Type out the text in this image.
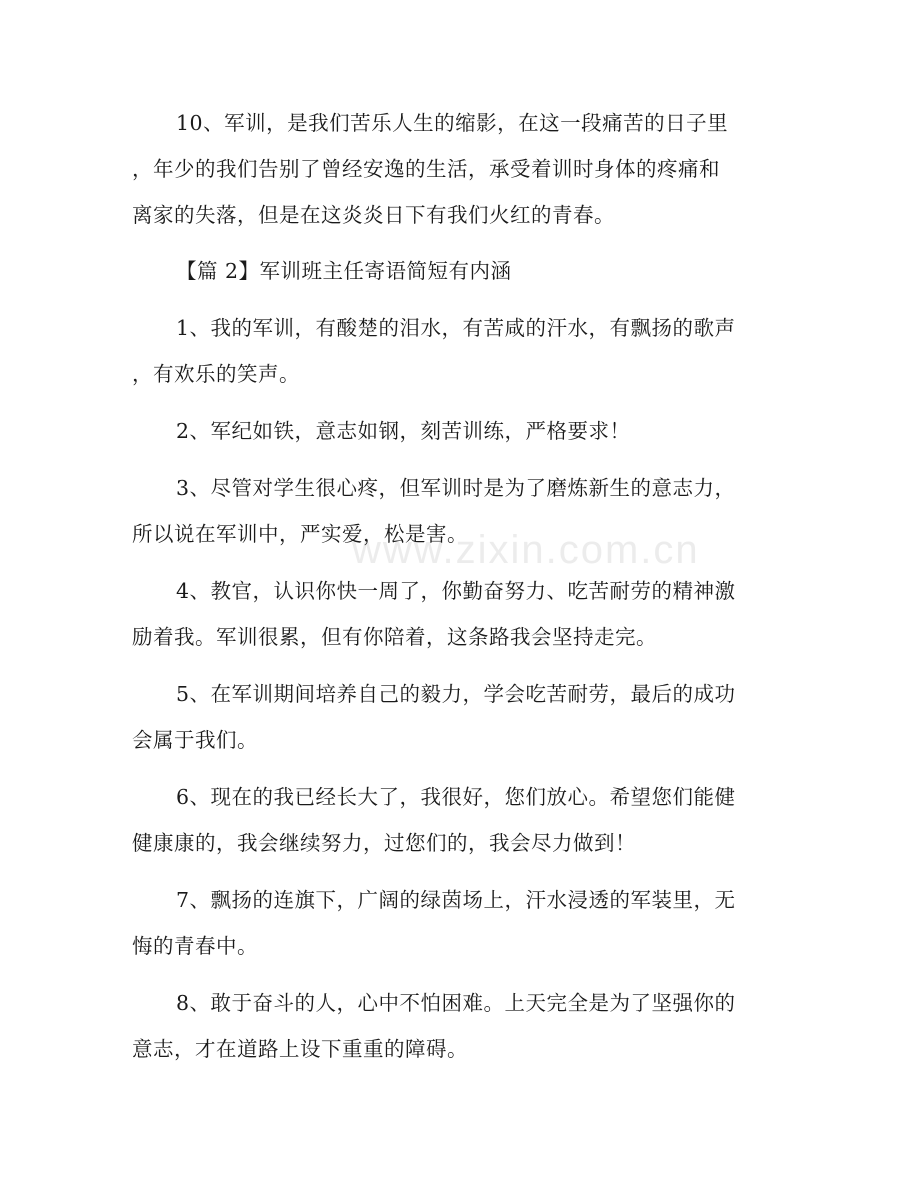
www.zixin.com.cn
10、军训，是我们苦乐人生的缩影，在这一段痛苦的日子里
，年少的我们告别了曾经安逸的生活，承受着训时身体的疼痛和
离家的失落，但是在这炎炎日下有我们火红的青春。
【篇 2】军训班主任寄语简短有内涵
1、我的军训，有酸楚的泪水，有苦咸的汗水，有飘扬的歌声
，有欢乐的笑声。
2、军纪如铁，意志如钢，刻苦训练，严格要求！
3、尽管对学生很心疼，但军训时是为了磨炼新生的意志力，
所以说在军训中，严实爱，松是害。
4、教官，认识你快一周了，你勤奋努力、吃苦耐劳的精神激
励着我。军训很累，但有你陪着，这条路我会坚持走完。
5、在军训期间培养自己的毅力，学会吃苦耐劳，最后的成功
会属于我们。
6、现在的我已经长大了，我很好，您们放心。希望您们能健
健康康的，我会继续努力，过您们的，我会尽力做到！
7、飘扬的连旗下，广阔的绿茵场上，汗水浸透的军装里，无
悔的青春中。
8、敢于奋斗的人，心中不怕困难。上天完全是为了坚强你的
意志，才在道路上设下重重的障碍。
